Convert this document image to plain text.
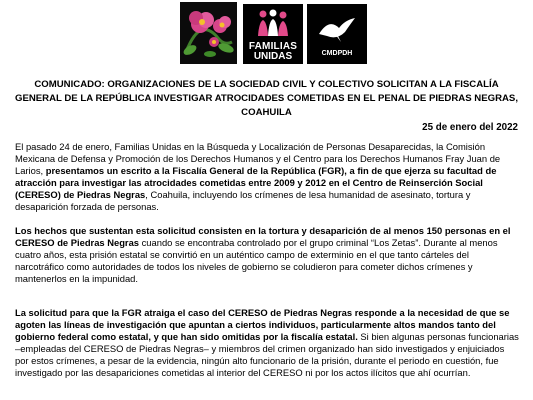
FAMILIAS
UNIDAS	CMDPDH
COMUNICADO: ORGANIZACIONES DE LA SOCIEDAD CIVIL Y COLECTIVO SOLICITAN A LA FISCALÍA GENERAL DE LA REPÚBLICA INVESTIGAR ATROCIDADES COMETIDAS EN EL PENAL DE PIEDRAS NEGRAS, COAHUILA
25 de enero del 2022

El pasado 24 de enero, Familias Unidas en la Búsqueda y Localización de Personas Desaparecidas, la Comisión Mexicana de Defensa y Promoción de los Derechos Humanos y el Centro para los Derechos Humanos Fray Juan de Larios, presentamos un escrito a la Fiscalía General de la República (FGR), a fin de que ejerza su facultad de atracción para investigar las atrocidades cometidas entre 2009 y 2012 en el Centro de Reinserción Social (CERESO) de Piedras Negras, Coahuila, incluyendo los crímenes de lesa humanidad de asesinato, tortura y desaparición forzada de personas.

Los hechos que sustentan esta solicitud consisten en la tortura y desaparición de al menos 150 personas en el CERESO de Piedras Negras cuando se encontraba controlado por el grupo criminal “Los Zetas”. Durante al menos cuatro años, esta prisión estatal se convirtió en un auténtico campo de exterminio en el que tanto cárteles del narcotráfico como autoridades de todos los niveles de gobierno se coludieron para cometer dichos crímenes y mantenerlos en la impunidad.

La solicitud para que la FGR atraiga el caso del CERESO de Piedras Negras responde a la necesidad de que se agoten las líneas de investigación que apuntan a ciertos individuos, particularmente altos mandos tanto del gobierno federal como estatal, y que han sido omitidas por la fiscalía estatal. Si bien algunas personas funcionarias –empleadas del CERESO de Piedras Negras– y miembros del crimen organizado han sido investigados y enjuiciados por estos crímenes, a pesar de la evidencia, ningún alto funcionario de la prisión, durante el periodo en cuestión, fue investigado por las desapariciones cometidas al interior del CERESO ni por los actos ilícitos que ahí ocurrían.
